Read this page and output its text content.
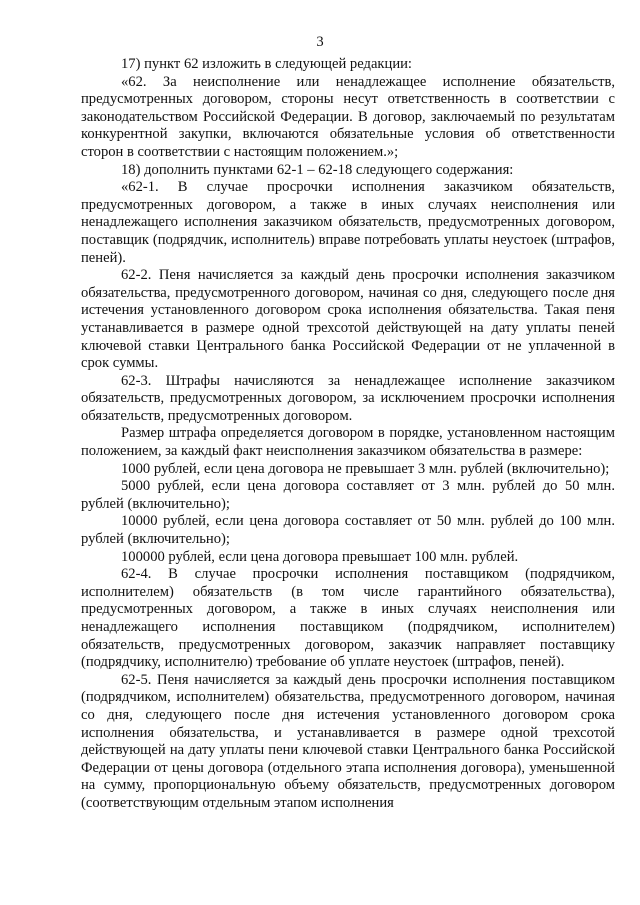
3

17) пункт 62 изложить в следующей редакции:

«62. За неисполнение или ненадлежащее исполнение обязательств, предусмотренных договором, стороны несут ответственность в соответствии с законодательством Российской Федерации. В договор, заключаемый по результатам конкурентной закупки, включаются обязательные условия об ответственности сторон в соответствии с настоящим положением.»;

18) дополнить пунктами 62-1 – 62-18 следующего содержания:

«62-1. В случае просрочки исполнения заказчиком обязательств, предусмотренных договором, а также в иных случаях неисполнения или ненадлежащего исполнения заказчиком обязательств, предусмотренных договором, поставщик (подрядчик, исполнитель) вправе потребовать уплаты неустоек (штрафов, пеней).

62-2. Пеня начисляется за каждый день просрочки исполнения заказчиком обязательства, предусмотренного договором, начиная со дня, следующего после дня истечения установленного договором срока исполнения обязательства. Такая пеня устанавливается в размере одной трехсотой действующей на дату уплаты пеней ключевой ставки Центрального банка Российской Федерации от не уплаченной в срок суммы.

62-3. Штрафы начисляются за ненадлежащее исполнение заказчиком обязательств, предусмотренных договором, за исключением просрочки исполнения обязательств, предусмотренных договором.

Размер штрафа определяется договором в порядке, установленном настоящим положением, за каждый факт неисполнения заказчиком обязательства в размере:

1000 рублей, если цена договора не превышает 3 млн. рублей (включительно);

5000 рублей, если цена договора составляет от 3 млн. рублей до 50 млн. рублей (включительно);

10000 рублей, если цена договора составляет от 50 млн. рублей до 100 млн. рублей (включительно);

100000 рублей, если цена договора превышает 100 млн. рублей.

62-4. В случае просрочки исполнения поставщиком (подрядчиком, исполнителем) обязательств (в том числе гарантийного обязательства), предусмотренных договором, а также в иных случаях неисполнения или ненадлежащего исполнения поставщиком (подрядчиком, исполнителем) обязательств, предусмотренных договором, заказчик направляет поставщику (подрядчику, исполнителю) требование об уплате неустоек (штрафов, пеней).

62-5. Пеня начисляется за каждый день просрочки исполнения поставщиком (подрядчиком, исполнителем) обязательства, предусмотренного договором, начиная со дня, следующего после дня истечения установленного договором срока исполнения обязательства, и устанавливается в размере одной трехсотой действующей на дату уплаты пени ключевой ставки Центрального банка Российской Федерации от цены договора (отдельного этапа исполнения договора), уменьшенной на сумму, пропорциональную объему обязательств, предусмотренных договором (соответствующим отдельным этапом исполнения
